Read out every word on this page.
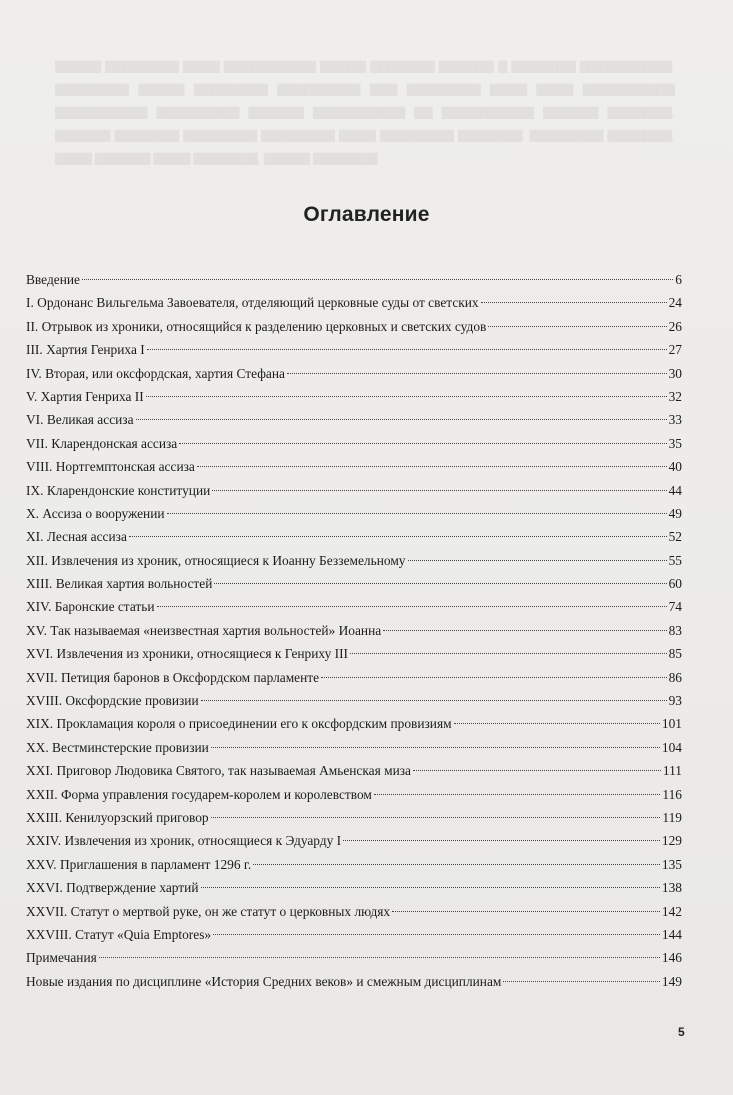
▇▇▇▇▇ ▇▇▇▇▇▇▇▇ ▇▇▇▇ ▇▇▇▇▇▇▇▇▇▇ ▇▇▇▇▇ ▇▇▇▇▇▇▇ ▇▇▇▇▇▇ ▇ ▇▇▇▇▇▇▇ ▇▇▇▇▇▇▇▇▇▇. ▇▇▇▇▇▇▇▇ ▇▇▇▇▇ ▇▇▇▇▇▇▇▇ ▇▇▇▇▇▇▇▇▇ ▇▇▇ ▇▇▇▇▇▇▇▇ ▇▇▇▇ ▇▇▇▇ ▇▇▇▇▇▇▇▇▇▇ ▇▇▇▇▇▇▇▇▇▇ ▇▇▇▇▇▇▇▇▇ ▇▇▇▇▇▇ ▇▇▇▇▇▇▇▇▇▇ ▇▇ ▇▇▇▇▇▇▇▇▇▇ ▇▇▇▇▇▇ ▇▇▇▇▇▇▇, ▇▇▇▇▇▇ ▇▇▇▇▇▇▇ ▇▇▇▇▇▇▇▇ ▇▇▇▇▇▇▇▇ ▇▇▇▇ ▇▇▇▇▇▇▇▇ ▇▇▇▇▇▇▇. ▇▇▇▇▇▇▇▇ ▇▇▇▇▇▇▇, ▇▇▇▇ ▇▇▇▇▇▇ ▇▇▇▇ ▇▇▇▇▇▇▇, ▇▇▇▇▇ ▇▇▇▇▇▇▇
Оглавление
Введение	6
I. Ордонанс Вильгельма Завоевателя, отделяющий церковные суды от светских	24
II. Отрывок из хроники, относящийся к разделению церковных и светских судов	26
III. Хартия Генриха I	27
IV. Вторая, или оксфордская, хартия Стефана	30
V. Хартия Генриха II	32
VI. Великая ассиза	33
VII. Кларендонская ассиза	35
VIII. Нортгемптонская ассиза	40
IX. Кларендонские конституции	44
X. Ассиза о вооружении	49
XI. Лесная ассиза	52
XII. Извлечения из хроник, относящиеся к Иоанну Безземельному	55
XIII. Великая хартия вольностей	60
XIV. Баронские статьи	74
XV. Так называемая «неизвестная хартия вольностей» Иоанна	83
XVI. Извлечения из хроники, относящиеся к Генриху III	85
XVII. Петиция баронов в Оксфордском парламенте	86
XVIII. Оксфордские провизии	93
XIX. Прокламация короля о присоединении его к оксфордским провизиям	101
XX. Вестминстерские провизии	104
XXI. Приговор Людовика Святого, так называемая Амьенская миза	111
XXII. Форма управления государем-королем и королевством	116
XXIII. Кенилуорзский приговор	119
XXIV. Извлечения из хроник, относящиеся к Эдуарду I	129
XXV. Приглашения в парламент 1296 г.	135
XXVI. Подтверждение хартий	138
XXVII. Статут о мертвой руке, он же статут о церковных людях	142
XXVIII. Статут «Quia Emptores»	144
Примечания	146
Новые издания по дисциплине «История Средних веков» и смежным дисциплинам	149
5
